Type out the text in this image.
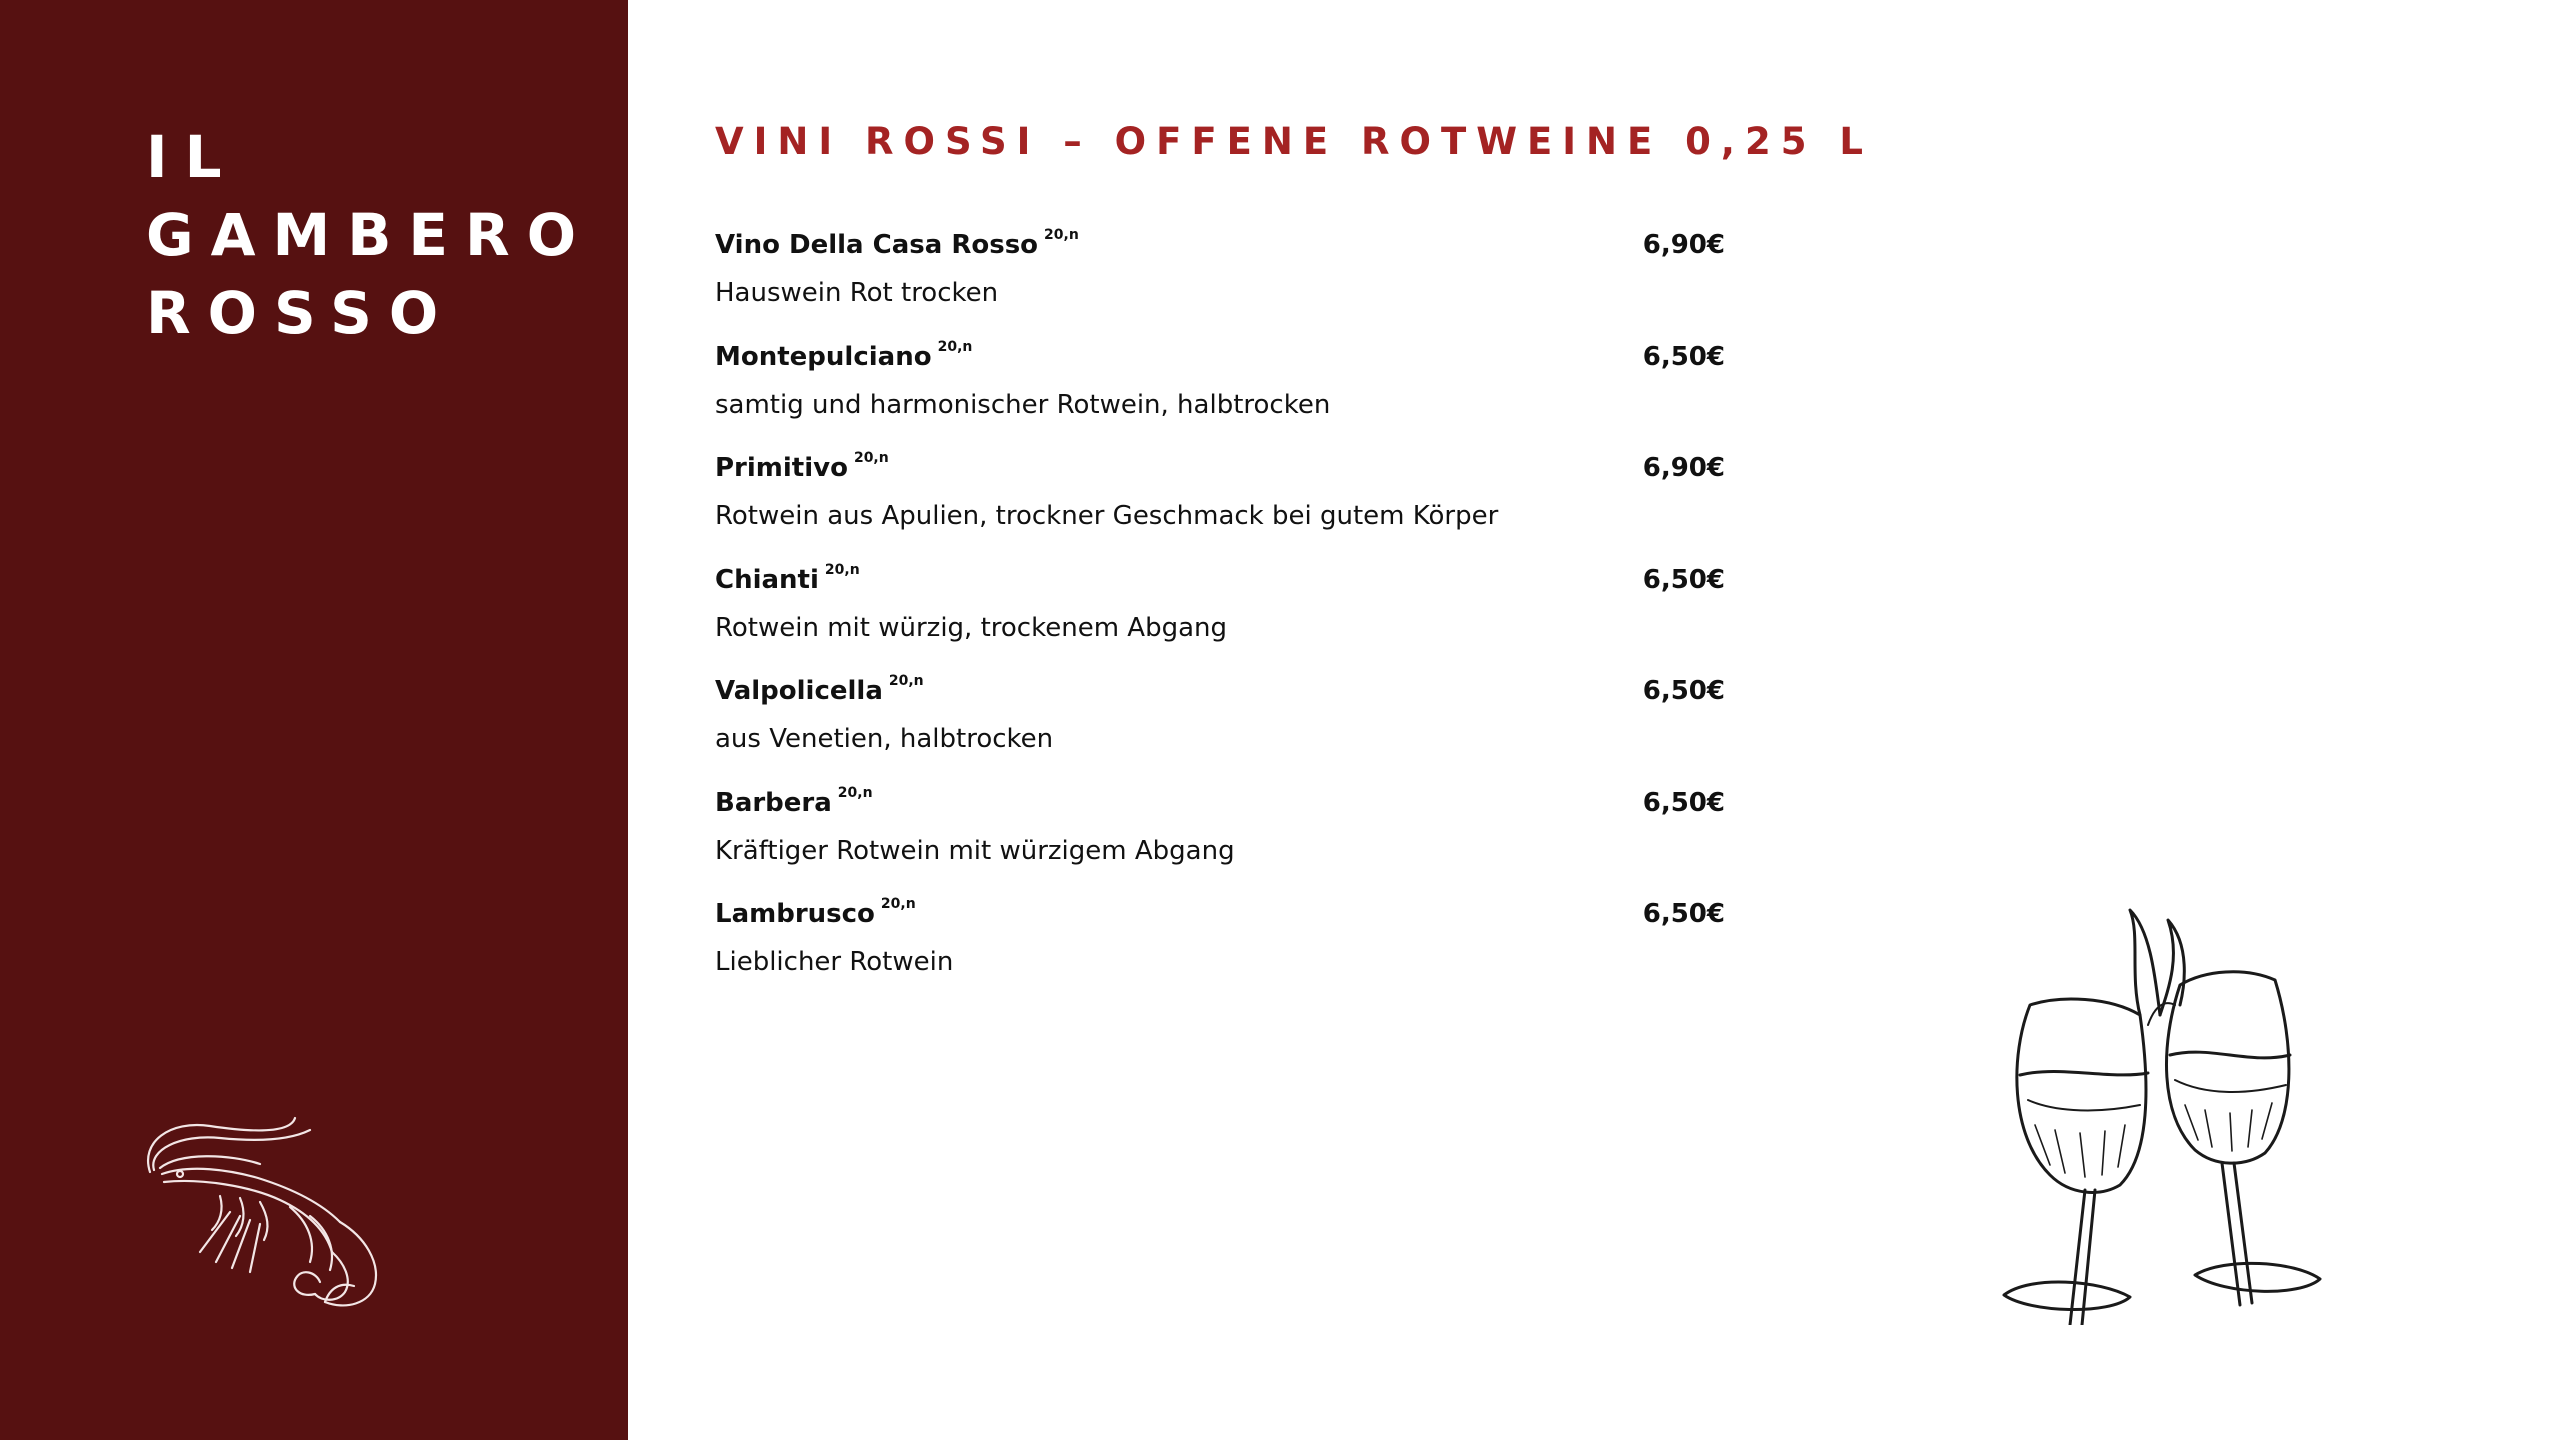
IL
GAMBERO
ROSSO
VINI ROSSI – OFFENE ROTWEINE 0,25 L
Vino Della Casa Rosso $^{20,n}$	6,90€
Hauswein Rot trocken
Montepulciano $^{20,n}$	6,50€
samtig und harmonischer Rotwein, halbtrocken
Primitivo $^{20,n}$	6,90€
Rotwein aus Apulien, trockner Geschmack bei gutem Körper
Chianti $^{20,n}$	6,50€
Rotwein mit würzig, trockenem Abgang
Valpolicella $^{20,n}$	6,50€
aus Venetien, halbtrocken
Barbera $^{20,n}$	6,50€
Kräftiger Rotwein mit würzigem Abgang
Lambrusco $^{20,n}$	6,50€
Lieblicher Rotwein
